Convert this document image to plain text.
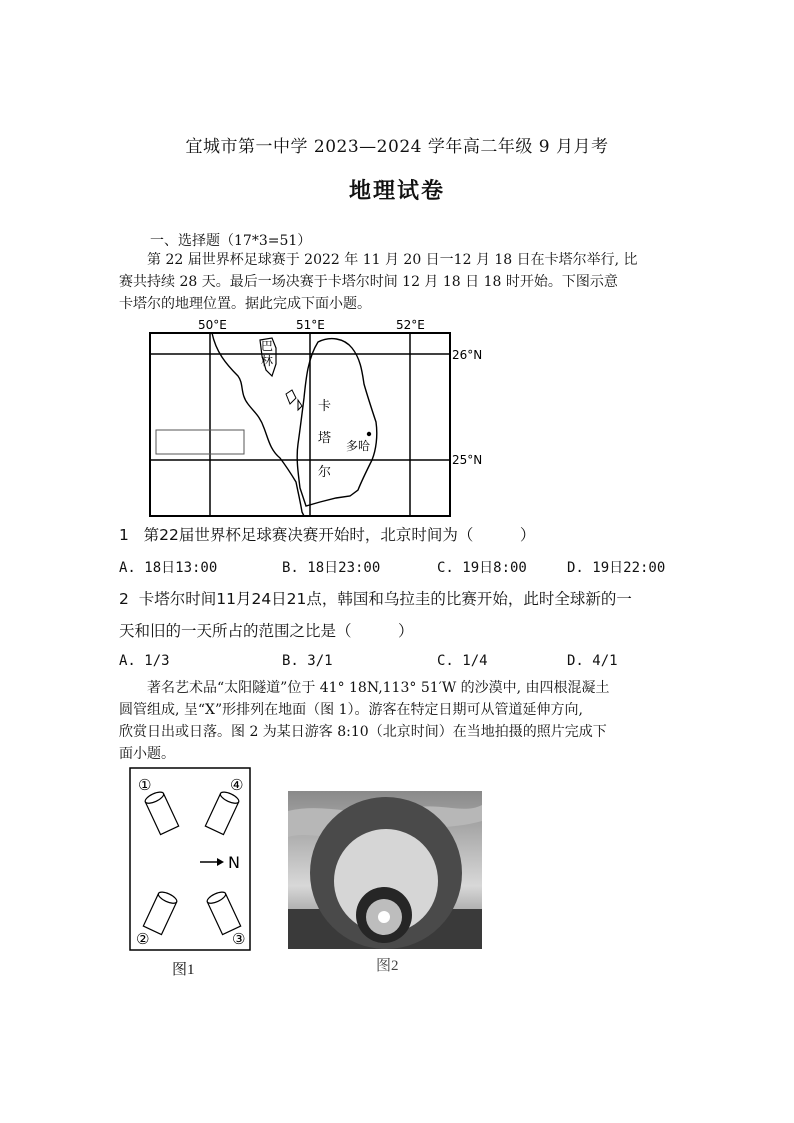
宜城市第一中学 2023—2024 学年高二年级 9 月月考
地理试卷
一、选择题（17*3=51）
第 22 届世界杯足球赛于 2022 年 11 月 20 日一12 月 18 日在卡塔尔举行, 比
赛共持续 28 天。最后一场决赛于卡塔尔时间 12 月 18 日 18 时开始。下图示意
卡塔尔的地理位置。据此完成下面小题。
50°E	51°E	52°E
26°N
25°N
巴
林
多哈
卡
塔
尔
1 第22届世界杯足球赛决赛开始时，北京时间为（　　　）
A. 18日13:00	B. 18日23:00	C. 19日8:00	D. 19日22:00
2 卡塔尔时间11月24日21点，韩国和乌拉圭的比赛开始，此时全球新的一
天和旧的一天所占的范围之比是（　　　）
A. 1/3	B. 3/1	C. 1/4	D. 4/1
著名艺术品“太阳隧道”位于 41° 18N,113° 51′W 的沙漠中, 由四根混凝土
圆管组成, 呈“X”形排列在地面（图 1）。游客在特定日期可从管道延伸方向,
欣赏日出或日落。图 2 为某日游客 8:10（北京时间）在当地拍摄的照片完成下
面小题。
①	④
②	③
N
图1	图2
